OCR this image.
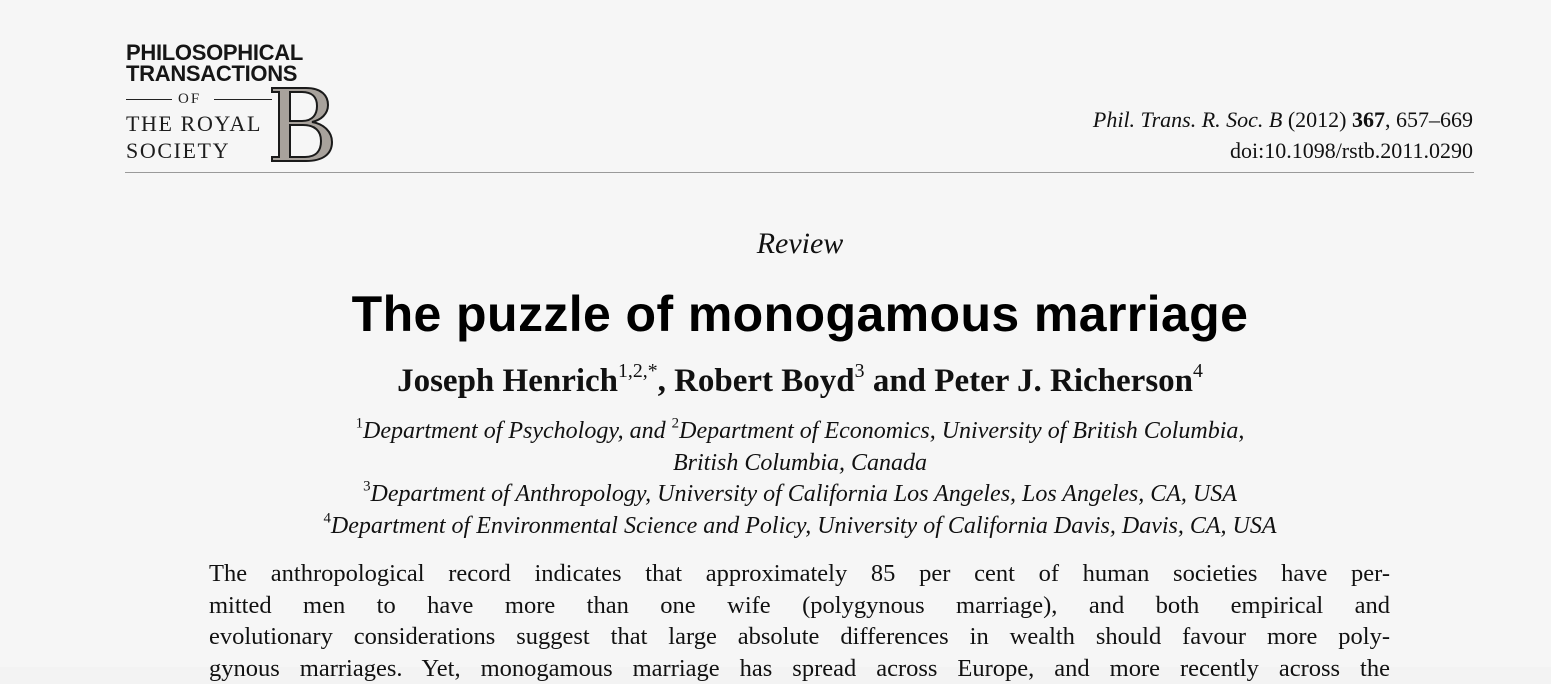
PHILOSOPHICAL
TRANSACTIONS
OF
THE ROYAL
SOCIETY
Phil. Trans. R. Soc. B (2012) 367, 657–669
doi:10.1098/rstb.2011.0290
Review
The puzzle of monogamous marriage
Joseph Henrich$^{1,2,*}$, Robert Boyd$^3$ and Peter J. Richerson$^4$
$^1$Department of Psychology, and $^2$Department of Economics, University of British Columbia,
British Columbia, Canada
$^3$Department of Anthropology, University of California Los Angeles, Los Angeles, CA, USA
$^4$Department of Environmental Science and Policy, University of California Davis, Davis, CA, USA
The anthropological record indicates that approximately 85 per cent of human societies have per-
mitted men to have more than one wife (polygynous marriage), and both empirical and
evolutionary considerations suggest that large absolute differences in wealth should favour more poly-
gynous marriages. Yet, monogamous marriage has spread across Europe, and more recently across the
